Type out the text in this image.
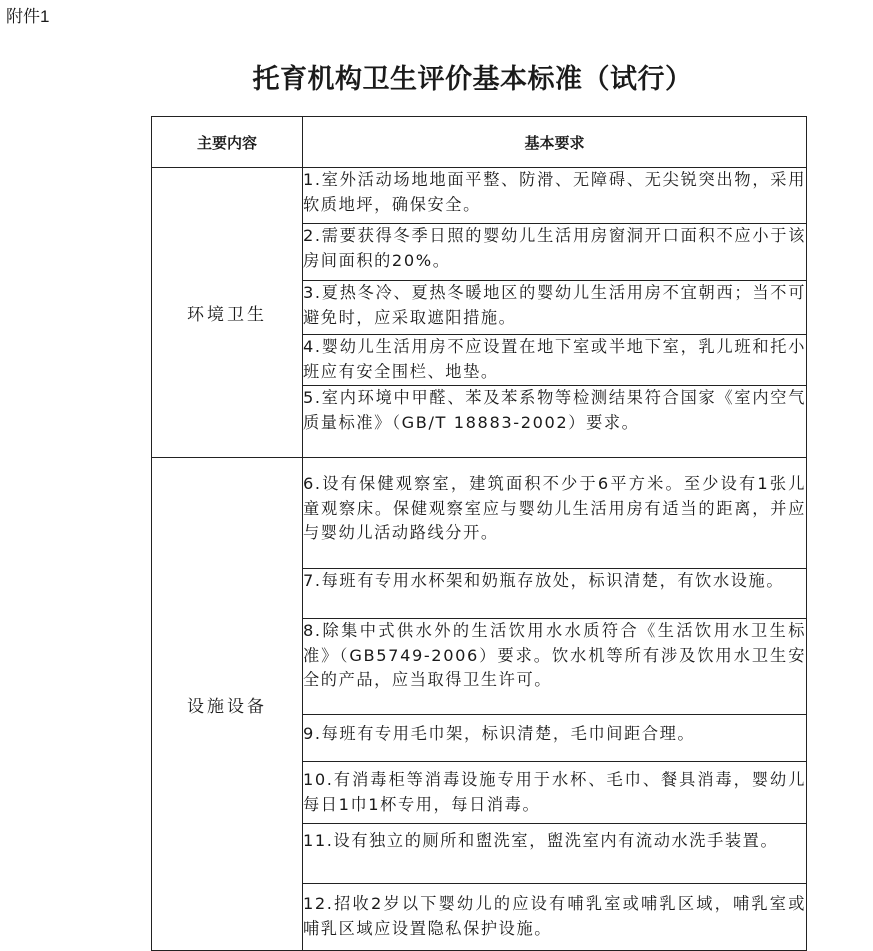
附件1
托育机构卫生评价基本标准（试行）
主要内容	基本要求
环境卫生	1.室外活动场地地面平整、防滑、无障碍、无尖锐突出物，采用软质地坪，确保安全。
	2.需要获得冬季日照的婴幼儿生活用房窗洞开口面积不应小于该房间面积的20%。
	3.夏热冬冷、夏热冬暖地区的婴幼儿生活用房不宜朝西；当不可避免时，应采取遮阳措施。
	4.婴幼儿生活用房不应设置在地下室或半地下室，乳儿班和托小班应有安全围栏、地垫。
	5.室内环境中甲醛、苯及苯系物等检测结果符合国家《室内空气质量标准》（GB/T 18883-2002）要求。
设施设备	6.设有保健观察室，建筑面积不少于6平方米。至少设有1张儿童观察床。保健观察室应与婴幼儿生活用房有适当的距离，并应与婴幼儿活动路线分开。
	7.每班有专用水杯架和奶瓶存放处，标识清楚，有饮水设施。
	8.除集中式供水外的生活饮用水水质符合《生活饮用水卫生标准》（GB5749-2006）要求。饮水机等所有涉及饮用水卫生安全的产品，应当取得卫生许可。
	9.每班有专用毛巾架，标识清楚，毛巾间距合理。
	10.有消毒柜等消毒设施专用于水杯、毛巾、餐具消毒，婴幼儿每日1巾1杯专用，每日消毒。
	11.设有独立的厕所和盥洗室，盥洗室内有流动水洗手装置。
	12.招收2岁以下婴幼儿的应设有哺乳室或哺乳区域，哺乳室或哺乳区域应设置隐私保护设施。
